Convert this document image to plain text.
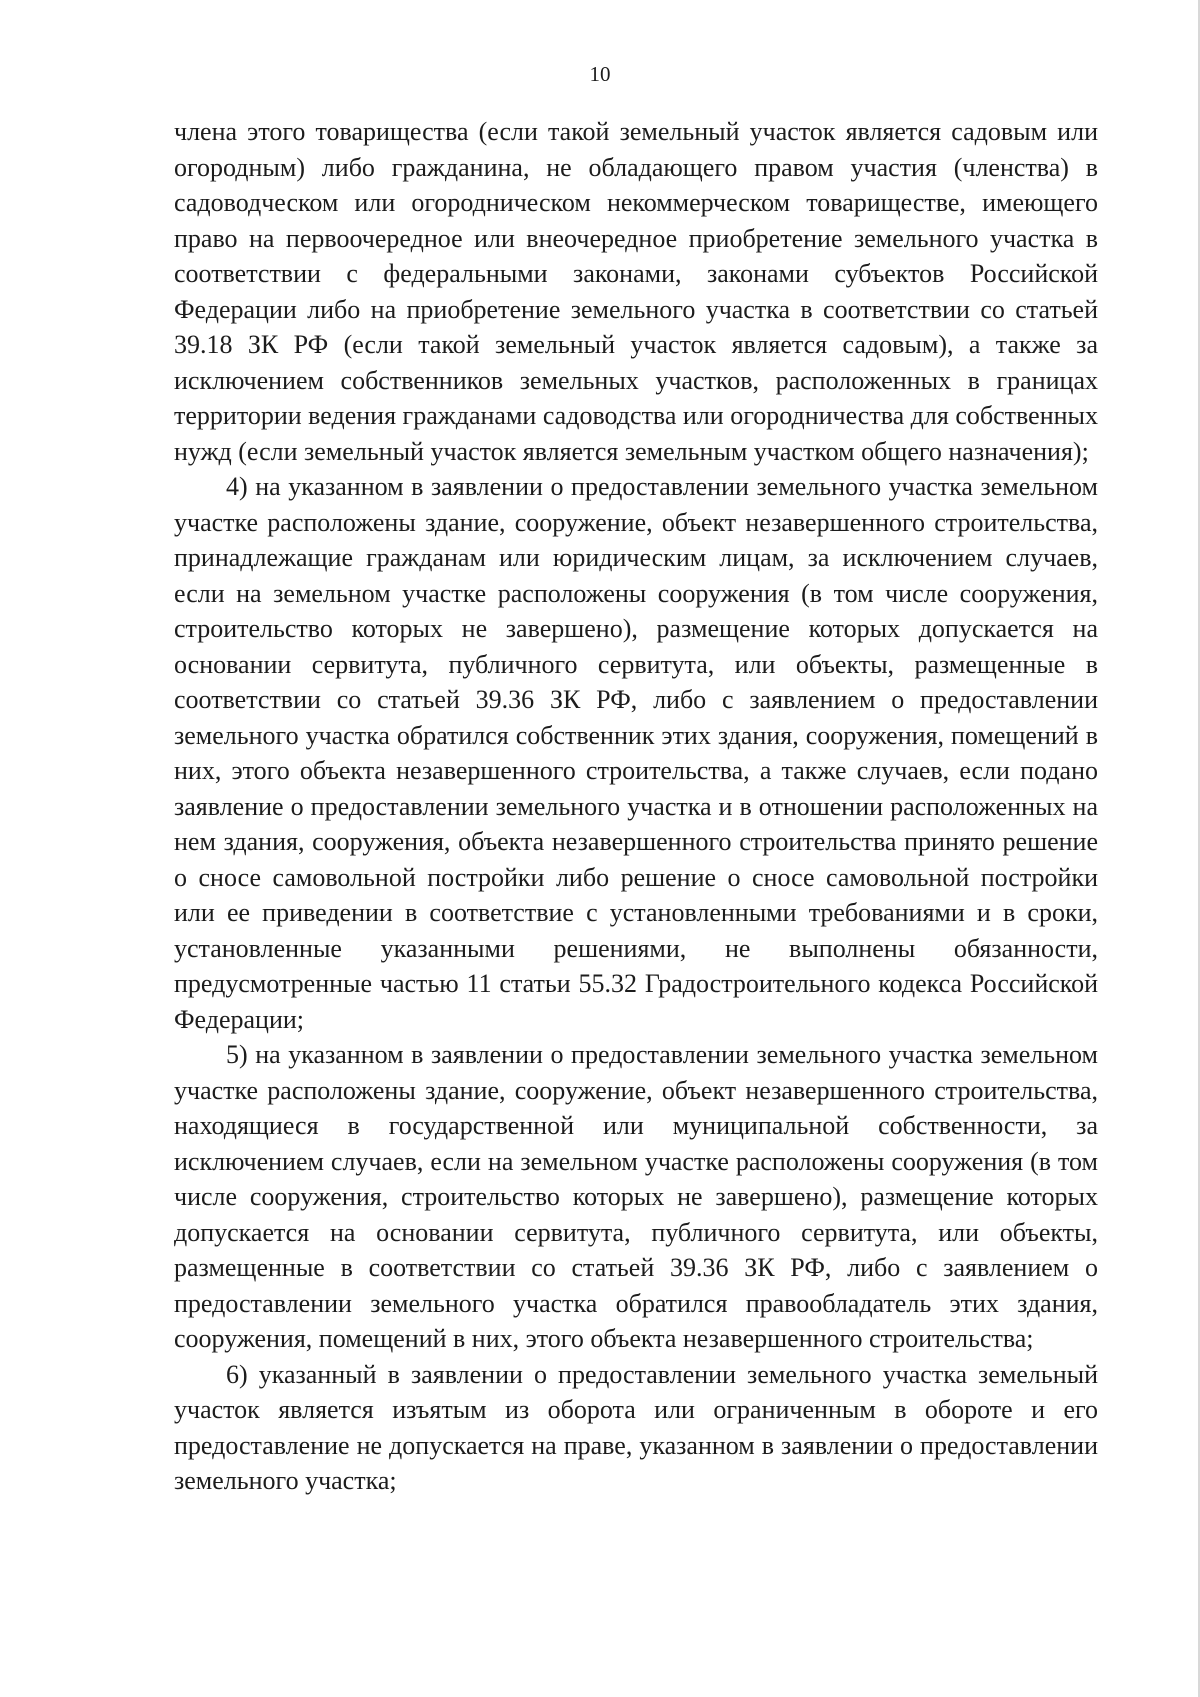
10

члена этого товарищества (если такой земельный участок является садовым или огородным) либо гражданина, не обладающего правом участия (членства) в садоводческом или огородническом некоммерческом товариществе, имеющего право на первоочередное или внеочередное приобретение земельного участка в соответствии с федеральными законами, законами субъектов Российской Федерации либо на приобретение земельного участка в соответствии со статьей 39.18 ЗК РФ (если такой земельный участок является садовым), а также за исключением собственников земельных участков, расположенных в границах территории ведения гражданами садоводства или огородничества для собственных нужд (если земельный участок является земельным участком общего назначения);

4) на указанном в заявлении о предоставлении земельного участка земельном участке расположены здание, сооружение, объект незавершенного строительства, принадлежащие гражданам или юридическим лицам, за исключением случаев, если на земельном участке расположены сооружения (в том числе сооружения, строительство которых не завершено), размещение которых допускается на основании сервитута, публичного сервитута, или объекты, размещенные в соответствии со статьей 39.36 ЗК РФ, либо с заявлением о предоставлении земельного участка обратился собственник этих здания, сооружения, помещений в них, этого объекта незавершенного строительства, а также случаев, если подано заявление о предоставлении земельного участка и в отношении расположенных на нем здания, сооружения, объекта незавершенного строительства принято решение о сносе самовольной постройки либо решение о сносе самовольной постройки или ее приведении в соответствие с установленными требованиями и в сроки, установленные указанными решениями, не выполнены обязанности, предусмотренные частью 11 статьи 55.32 Градостроительного кодекса Российской Федерации;

5) на указанном в заявлении о предоставлении земельного участка земельном участке расположены здание, сооружение, объект незавершенного строительства, находящиеся в государственной или муниципальной собственности, за исключением случаев, если на земельном участке расположены сооружения (в том числе сооружения, строительство которых не завершено), размещение которых допускается на основании сервитута, публичного сервитута, или объекты, размещенные в соответствии со статьей 39.36 ЗК РФ, либо с заявлением о предоставлении земельного участка обратился правообладатель этих здания, сооружения, помещений в них, этого объекта незавершенного строительства;

6) указанный в заявлении о предоставлении земельного участка земельный участок является изъятым из оборота или ограниченным в обороте и его предоставление не допускается на праве, указанном в заявлении о предоставлении земельного участка;
